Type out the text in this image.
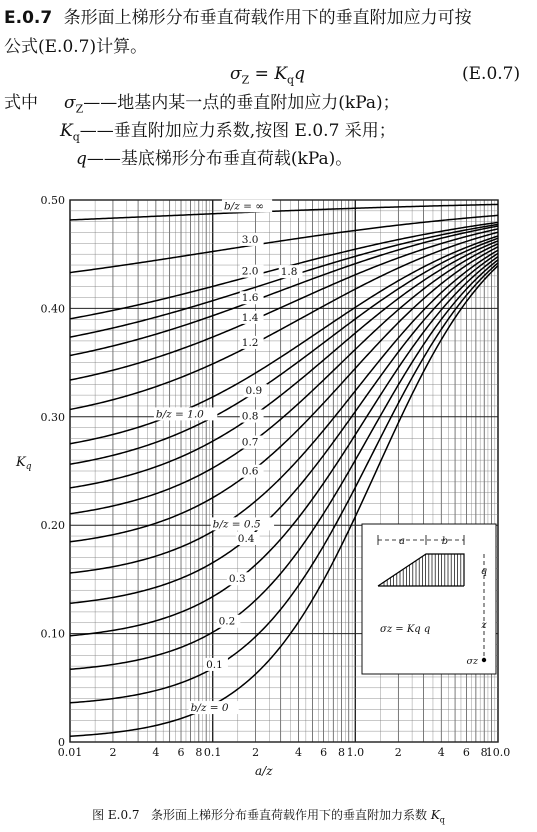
E.0.7 条形面上梯形分布垂直荷载作用下的垂直附加应力可按
公式(E.0.7)计算。
$\sigma_Z = K_qq$	(E.0.7)
式中 $\sigma_Z——$地基内某一点的垂直附加应力(kPa)；
$K_q——$垂直附加应力系数,按图 E.0.7 采用；
q——基底梯形分布垂直荷载(kPa)。
b/z = 0
0.1
0.2
0.3
0.4
b/z = 0.5
0.6
0.7
0.8
0.9
b/z = 1.0
1.2
1.4
1.6
1.8
2.0
3.0
b/z = ∞
0.01 2	4 6 8 0.1	2	4 6 8 1.0	2	4 6 8
10.0
0
0.10
0.20
0.30
0.40
0.50
a	b
q
z
σz
σz = Kq q
$K_q$
a/z
图 E.0.7   条形面上梯形分布垂直荷载作用下的垂直附加力系数 $K_q$
